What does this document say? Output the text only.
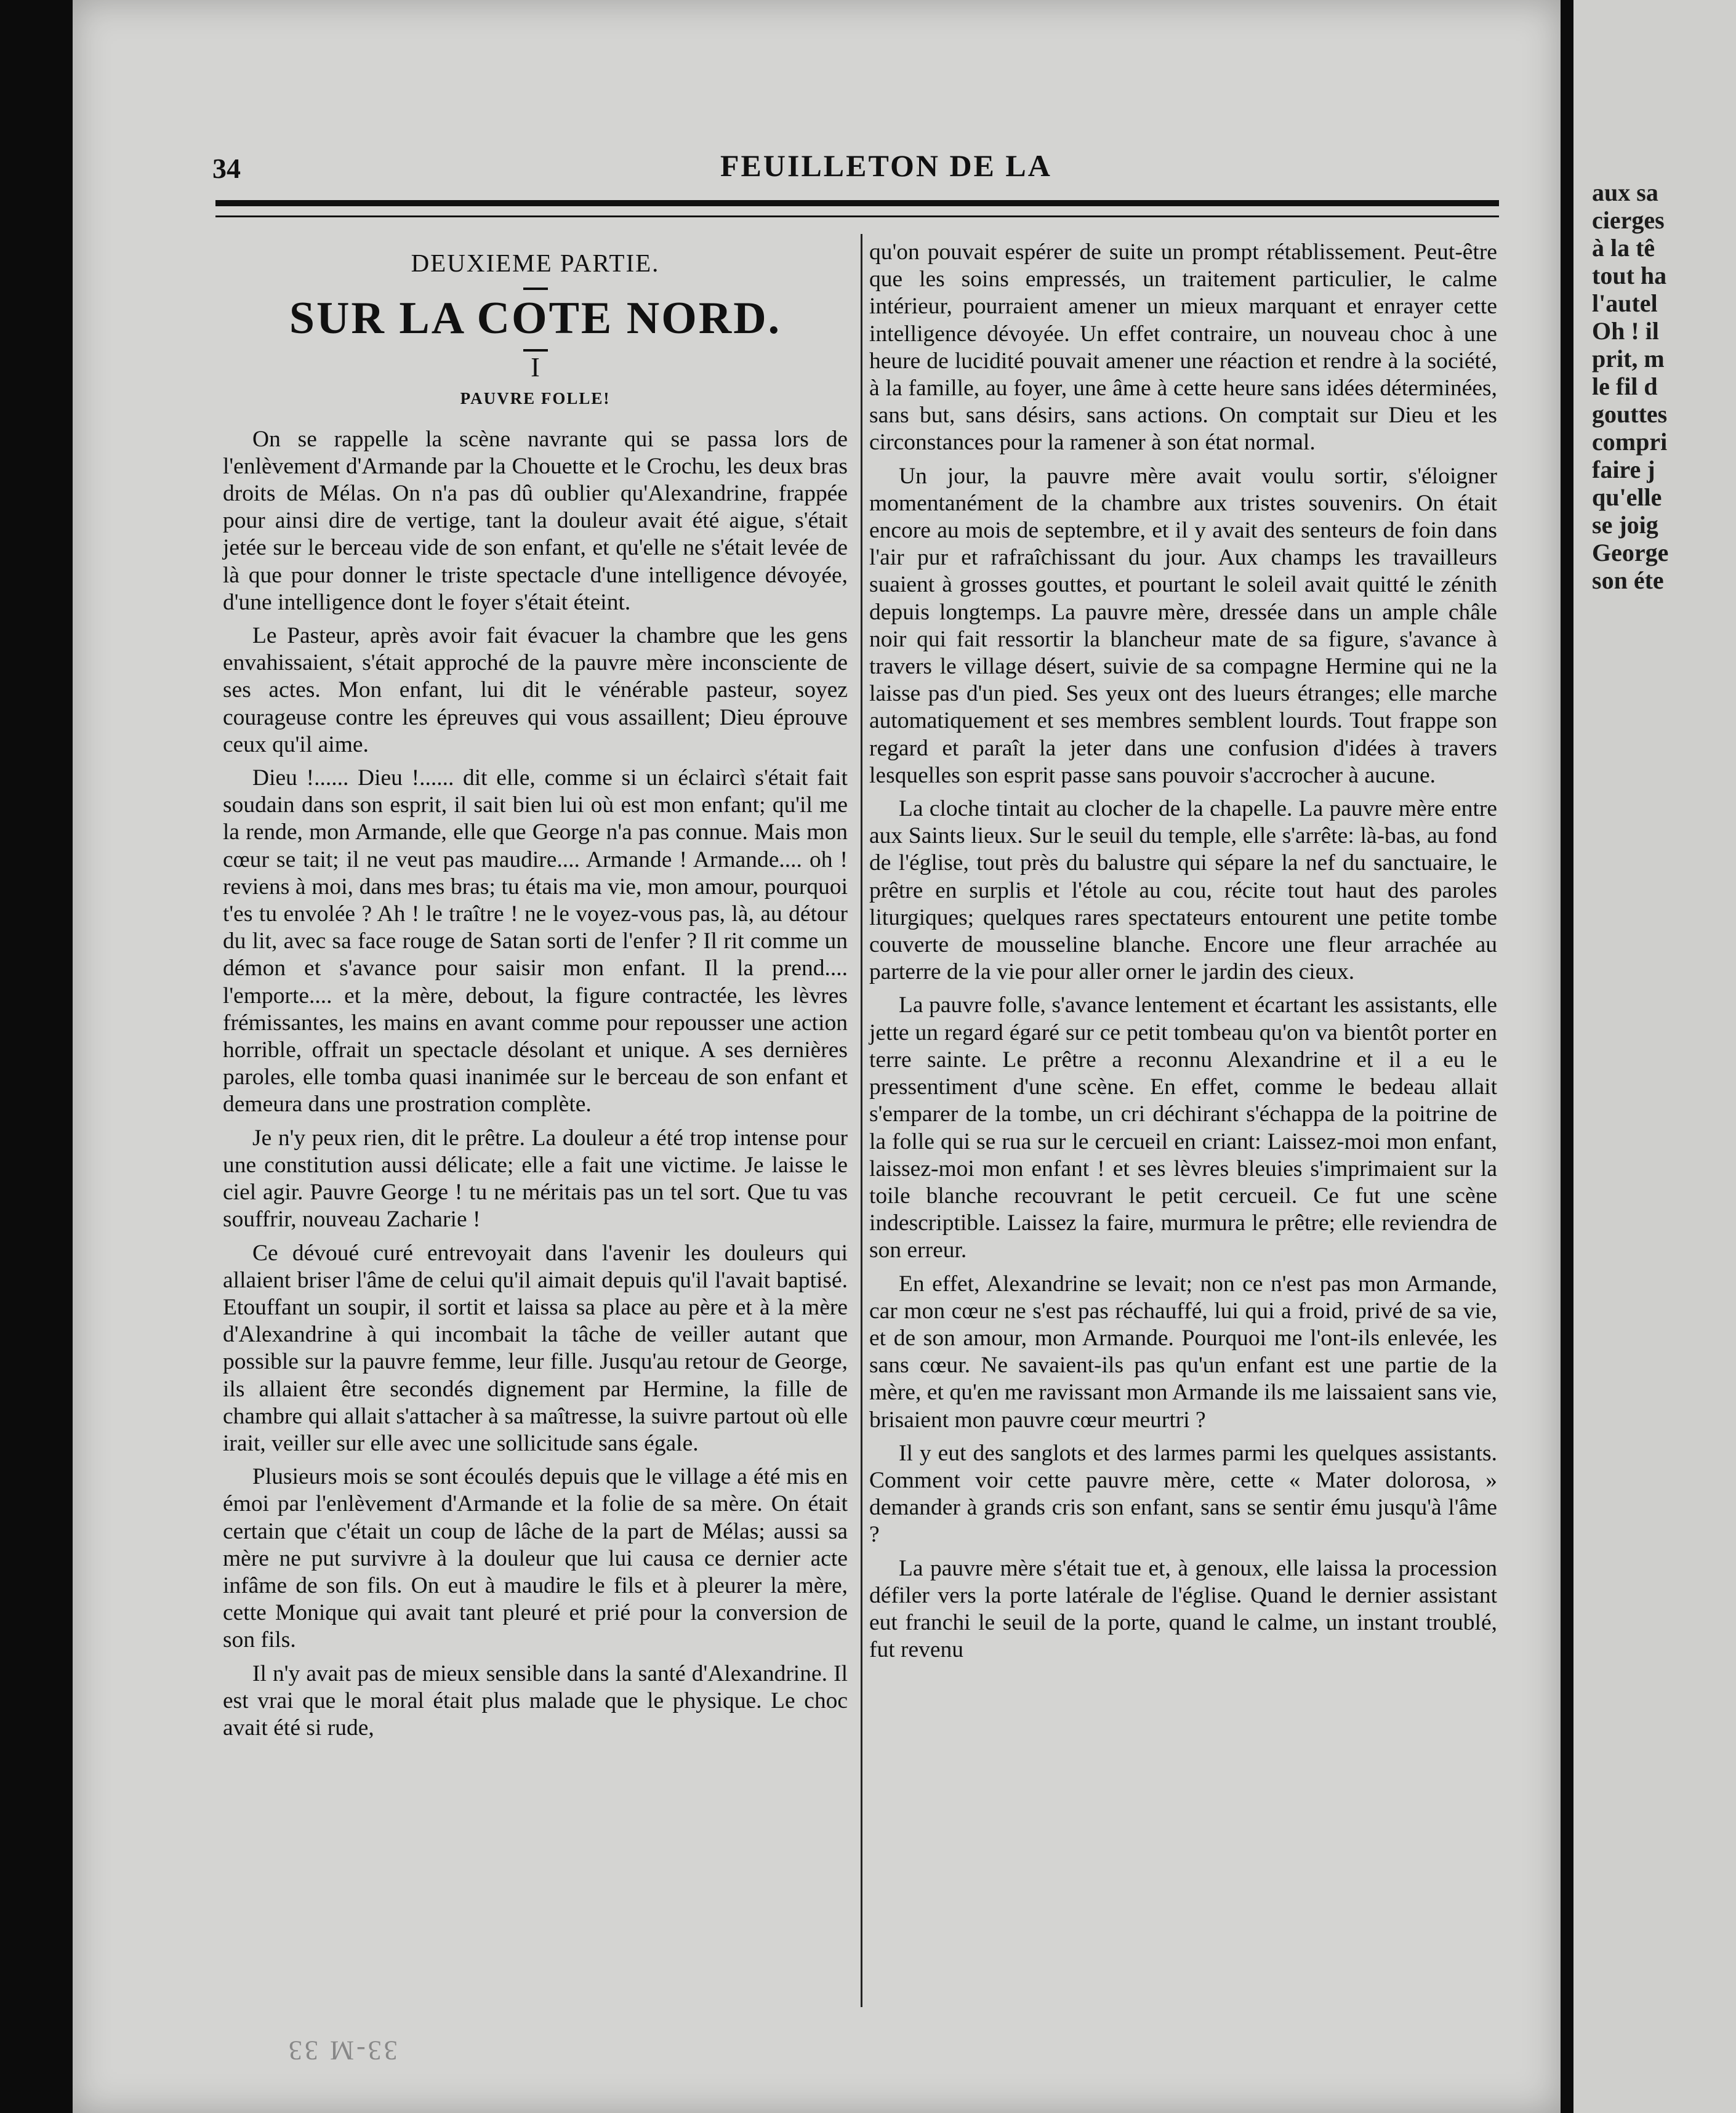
aux sa
cierges
à la tê
tout ha
l'autel
Oh ! il
prit, m
le fil d
gouttes
compri
faire j
qu'elle
se joig
George
son éte
34	FEUILLETON DE LA
DEUXIEME PARTIE.
SUR LA COTE NORD.
I
PAUVRE FOLLE!

On se rappelle la scène navrante qui se passa lors de l'enlèvement d'Armande par la Chouette et le Crochu, les deux bras droits de Mélas. On n'a pas dû oublier qu'Alexandrine, frappée pour ainsi dire de vertige, tant la douleur avait été aigue, s'était jetée sur le berceau vide de son enfant, et qu'elle ne s'était levée de là que pour donner le triste spectacle d'une intelligence dévoyée, d'une intelligence dont le foyer s'était éteint.

Le Pasteur, après avoir fait évacuer la chambre que les gens envahissaient, s'était approché de la pauvre mère inconsciente de ses actes. Mon enfant, lui dit le vénérable pasteur, soyez courageuse contre les épreuves qui vous assaillent; Dieu éprouve ceux qu'il aime.

Dieu !...... Dieu !...... dit elle, comme si un éclaircì s'était fait soudain dans son esprit, il sait bien lui où est mon enfant; qu'il me la rende, mon Armande, elle que George n'a pas connue. Mais mon cœur se tait; il ne veut pas maudire.... Armande ! Armande.... oh ! reviens à moi, dans mes bras; tu étais ma vie, mon amour, pourquoi t'es tu envolée ? Ah ! le traître ! ne le voyez-vous pas, là, au détour du lit, avec sa face rouge de Satan sorti de l'enfer ? Il rit comme un démon et s'avance pour saisir mon enfant. Il la prend.... l'emporte.... et la mère, debout, la figure contractée, les lèvres frémissantes, les mains en avant comme pour repousser une action horrible, offrait un spectacle désolant et unique. A ses dernières paroles, elle tomba quasi inanimée sur le berceau de son enfant et demeura dans une prostration complète.

Je n'y peux rien, dit le prêtre. La douleur a été trop intense pour une constitution aussi délicate; elle a fait une victime. Je laisse le ciel agir. Pauvre George ! tu ne méritais pas un tel sort. Que tu vas souffrir, nouveau Zacharie !

Ce dévoué curé entrevoyait dans l'avenir les douleurs qui allaient briser l'âme de celui qu'il aimait depuis qu'il l'avait baptisé. Etouffant un soupir, il sortit et laissa sa place au père et à la mère d'Alexandrine à qui incombait la tâche de veiller autant que possible sur la pauvre femme, leur fille. Jusqu'au retour de George, ils allaient être secondés dignement par Hermine, la fille de chambre qui allait s'attacher à sa maîtresse, la suivre partout où elle irait, veiller sur elle avec une sollicitude sans égale.

Plusieurs mois se sont écoulés depuis que le village a été mis en émoi par l'enlèvement d'Armande et la folie de sa mère. On était certain que c'était un coup de lâche de la part de Mélas; aussi sa mère ne put survivre à la douleur que lui causa ce dernier acte infâme de son fils. On eut à maudire le fils et à pleurer la mère, cette Monique qui avait tant pleuré et prié pour la conversion de son fils.

Il n'y avait pas de mieux sensible dans la santé d'Alexandrine. Il est vrai que le moral était plus malade que le physique. Le choc avait été si rude,

qu'on pouvait espérer de suite un prompt rétablissement. Peut-être que les soins empressés, un traitement particulier, le calme intérieur, pourraient amener un mieux marquant et enrayer cette intelligence dévoyée. Un effet contraire, un nouveau choc à une heure de lucidité pouvait amener une réaction et rendre à la société, à la famille, au foyer, une âme à cette heure sans idées déterminées, sans but, sans désirs, sans actions. On comptait sur Dieu et les circonstances pour la ramener à son état normal.

Un jour, la pauvre mère avait voulu sortir, s'éloigner momentanément de la chambre aux tristes souvenirs. On était encore au mois de septembre, et il y avait des senteurs de foin dans l'air pur et rafraîchissant du jour. Aux champs les travailleurs suaient à grosses gouttes, et pourtant le soleil avait quitté le zénith depuis longtemps. La pauvre mère, dressée dans un ample châle noir qui fait ressortir la blancheur mate de sa figure, s'avance à travers le village désert, suivie de sa compagne Hermine qui ne la laisse pas d'un pied. Ses yeux ont des lueurs étranges; elle marche automatiquement et ses membres semblent lourds. Tout frappe son regard et paraît la jeter dans une confusion d'idées à travers lesquelles son esprit passe sans pouvoir s'accrocher à aucune.

La cloche tintait au clocher de la chapelle. La pauvre mère entre aux Saints lieux. Sur le seuil du temple, elle s'arrête: là-bas, au fond de l'église, tout près du balustre qui sépare la nef du sanctuaire, le prêtre en surplis et l'étole au cou, récite tout haut des paroles liturgiques; quelques rares spectateurs entourent une petite tombe couverte de mousseline blanche. Encore une fleur arrachée au parterre de la vie pour aller orner le jardin des cieux.

La pauvre folle, s'avance lentement et écartant les assistants, elle jette un regard égaré sur ce petit tombeau qu'on va bientôt porter en terre sainte. Le prêtre a reconnu Alexandrine et il a eu le pressentiment d'une scène. En effet, comme le bedeau allait s'emparer de la tombe, un cri déchirant s'échappa de la poitrine de la folle qui se rua sur le cercueil en criant: Laissez-moi mon enfant, laissez-moi mon enfant ! et ses lèvres bleuies s'imprimaient sur la toile blanche recouvrant le petit cercueil. Ce fut une scène indescriptible. Laissez la faire, murmura le prêtre; elle reviendra de son erreur.

En effet, Alexandrine se levait; non ce n'est pas mon Armande, car mon cœur ne s'est pas réchauffé, lui qui a froid, privé de sa vie, et de son amour, mon Armande. Pourquoi me l'ont-ils enlevée, les sans cœur. Ne savaient-ils pas qu'un enfant est une partie de la mère, et qu'en me ravissant mon Armande ils me laissaient sans vie, brisaient mon pauvre cœur meurtri ?

Il y eut des sanglots et des larmes parmi les quelques assistants. Comment voir cette pauvre mère, cette « Mater dolorosa, » demander à grands cris son enfant, sans se sentir ému jusqu'à l'âme ?

La pauvre mère s'était tue et, à genoux, elle laissa la procession défiler vers la porte latérale de l'église. Quand le dernier assistant eut franchi le seuil de la porte, quand le calme, un instant troublé, fut revenu

33-M 33
